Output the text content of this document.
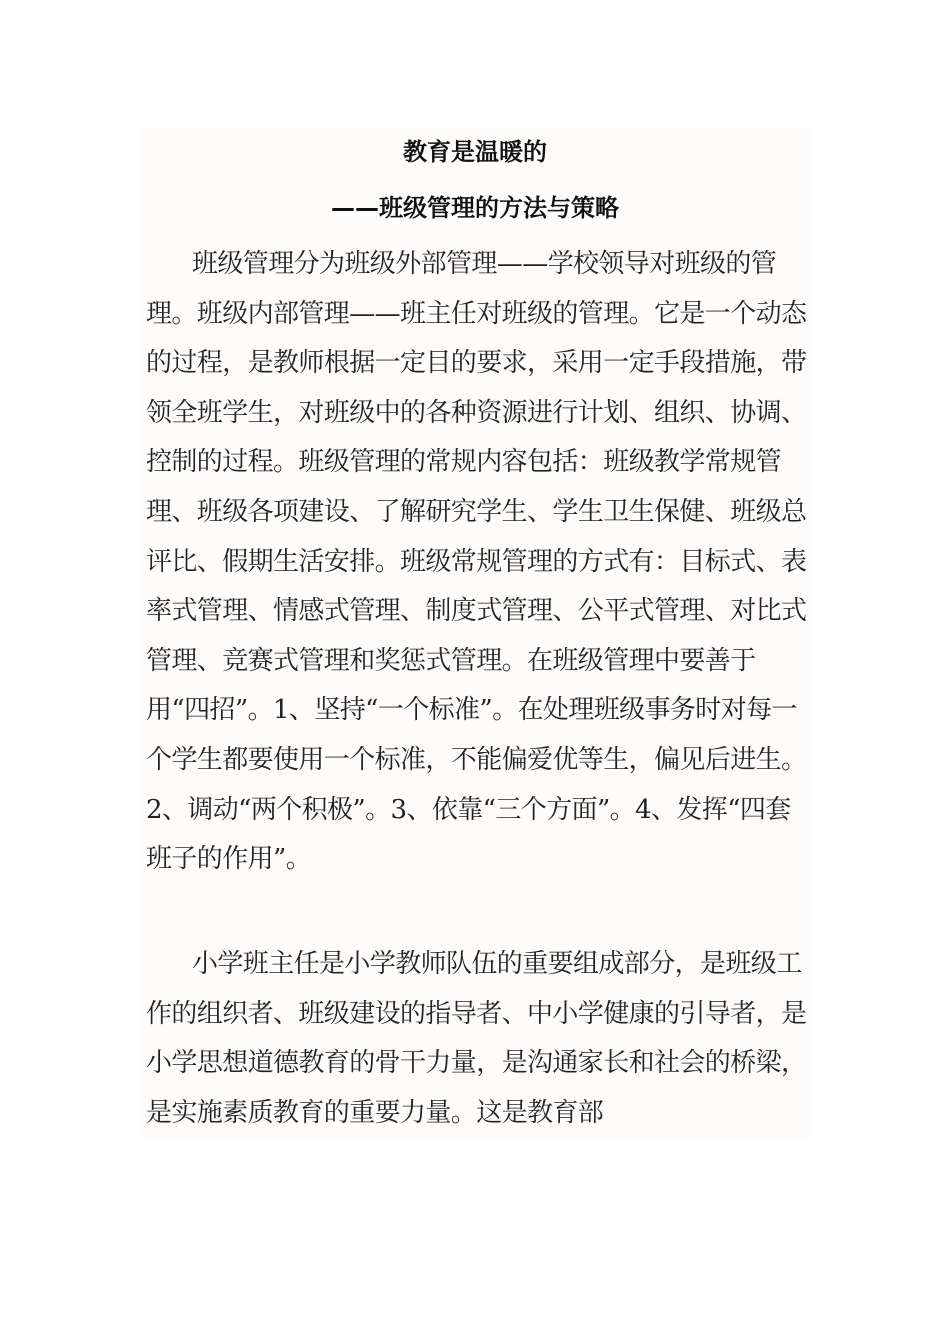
教育是温暖的
——班级管理的方法与策略

班级管理分为班级外部管理——学校领导对班级的管理。班级内部管理——班主任对班级的管理。它是一个动态的过程，是教师根据一定目的要求，采用一定手段措施，带领全班学生，对班级中的各种资源进行计划、组织、协调、控制的过程。班级管理的常规内容包括：班级教学常规管理、班级各项建设、了解研究学生、学生卫生保健、班级总评比、假期生活安排。班级常规管理的方式有：目标式、表率式管理、情感式管理、制度式管理、公平式管理、对比式管理、竞赛式管理和奖惩式管理。在班级管理中要善于用“四招”。1、坚持“一个标准”。在处理班级事务时对每一个学生都要使用一个标准，不能偏爱优等生，偏见后进生。2、调动“两个积极”。3、依靠“三个方面”。4、发挥“四套班子的作用”。

小学班主任是小学教师队伍的重要组成部分，是班级工作的组织者、班级建设的指导者、中小学健康的引导者，是小学思想道德教育的骨干力量，是沟通家长和社会的桥梁，是实施素质教育的重要力量。这是教育部
